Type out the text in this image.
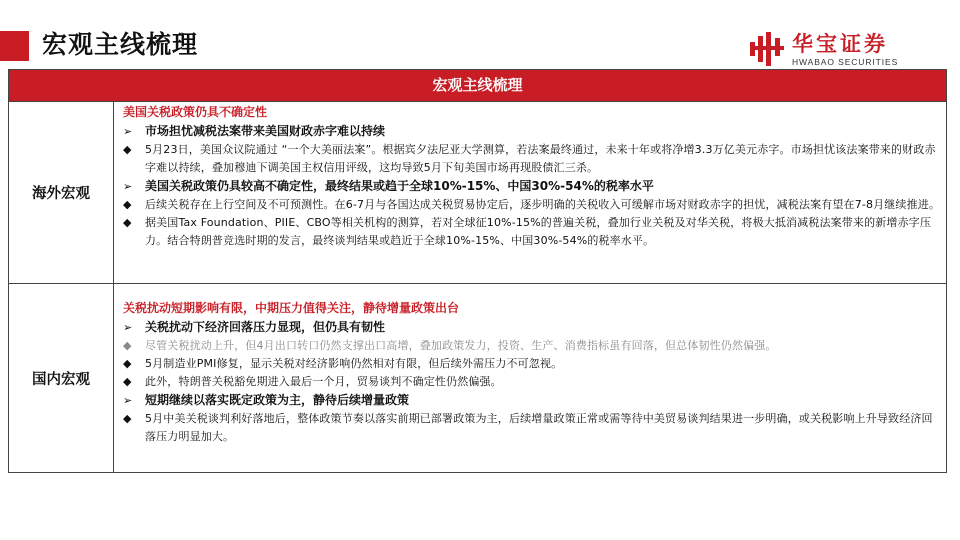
宏观主线梳理	华宝证券
HWABAO SECURITIES
宏观主线梳理
海外宏观
美国关税政策仍具不确定性
➢ 市场担忧减税法案带来美国财政赤字难以持续
◆ 5月23日，美国众议院通过 “一个大美丽法案”。根据宾夕法尼亚大学测算，若法案最终通过，未来十年或将净增3.3万亿美元赤字。市场担忧该法案带来的财政赤字难以持续，叠加穆迪下调美国主权信用评级，这均导致5月下旬美国市场再现股债汇三杀。
➢ 美国关税政策仍具较高不确定性，最终结果或趋于全球10%-15%、中国30%-54%的税率水平
◆ 后续关税存在上行空间及不可预测性。在6-7月与各国达成关税贸易协定后，逐步明确的关税收入可缓解市场对财政赤字的担忧，减税法案有望在7-8月继续推进。
◆ 据美国Tax Foundation、PIIE、CBO等相关机构的测算，若对全球征10%-15%的普遍关税，叠加行业关税及对华关税，将极大抵消减税法案带来的新增赤字压力。结合特朗普竞选时期的发言，最终谈判结果或趋近于全球10%-15%、中国30%-54%的税率水平。
国内宏观
关税扰动短期影响有限，中期压力值得关注，静待增量政策出台
➢ 关税扰动下经济回落压力显现，但仍具有韧性
◆ 尽管关税扰动上升，但4月出口转口仍然支撑出口高增，叠加政策发力，投资、生产、消费指标虽有回落，但总体韧性仍然偏强。
◆ 5月制造业PMI修复，显示关税对经济影响仍然相对有限，但后续外需压力不可忽视。
◆ 此外，特朗普关税豁免期进入最后一个月，贸易谈判不确定性仍然偏强。
➢ 短期继续以落实既定政策为主，静待后续增量政策
◆ 5月中美关税谈判利好落地后，整体政策节奏以落实前期已部署政策为主，后续增量政策正常或需等待中美贸易谈判结果进一步明确，或关税影响上升导致经济回落压力明显加大。
